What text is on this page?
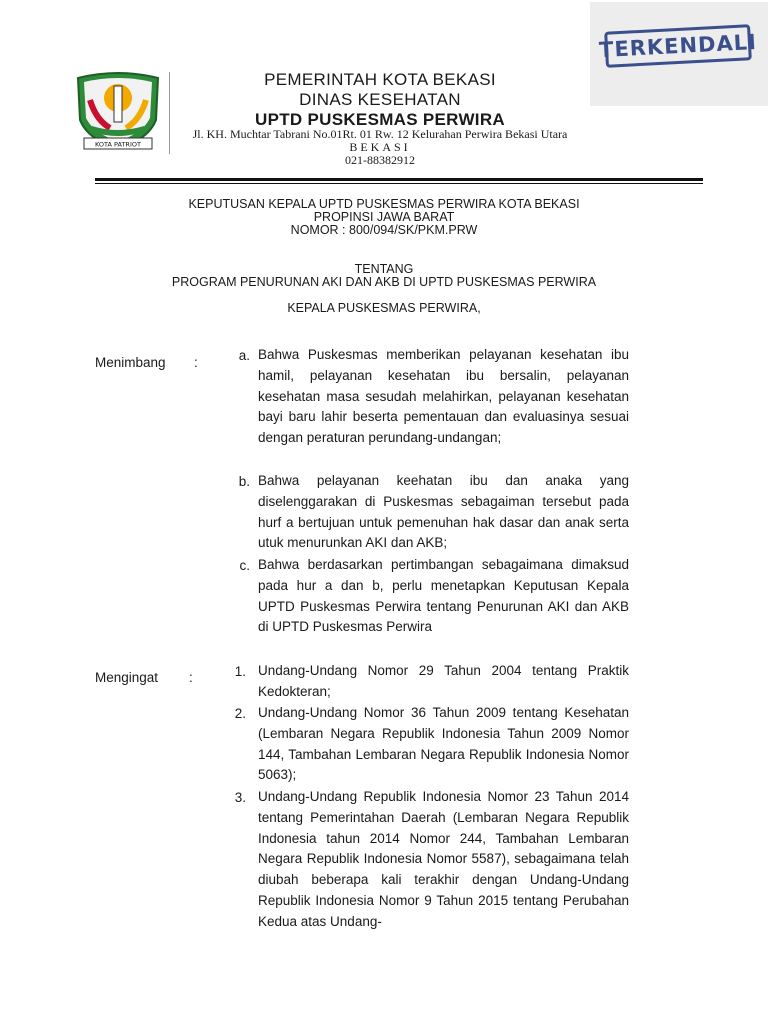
TERKENDALI
KOTA PATRIOT
PEMERINTAH KOTA BEKASI
DINAS KESEHATAN
UPTD PUSKESMAS PERWIRA
Jl. KH. Muchtar Tabrani No.01Rt. 01 Rw. 12 Kelurahan Perwira Bekasi Utara
BEKASI
021-88382912
KEPUTUSAN KEPALA UPTD PUSKESMAS PERWIRA KOTA BEKASI
PROPINSI JAWA BARAT
NOMOR : 800/094/SK/PKM.PRW
TENTANG
PROGRAM PENURUNAN AKI DAN AKB DI UPTD PUSKESMAS PERWIRA
KEPALA PUSKESMAS PERWIRA,
Menimbang :	a. Bahwa Puskesmas memberikan pelayanan kesehatan ibu hamil, pelayanan kesehatan ibu bersalin, pelayanan kesehatan masa sesudah melahirkan, pelayanan kesehatan bayi baru lahir beserta pementauan dan evaluasinya sesuai dengan peraturan perundang-undangan;
b. Bahwa pelayanan keehatan ibu dan anaka yang diselenggarakan di Puskesmas sebagaiman tersebut pada hurf a bertujuan untuk pemenuhan hak dasar dan anak serta utuk menurunkan AKI dan AKB;
c. Bahwa berdasarkan pertimbangan sebagaimana dimaksud pada hur a dan b, perlu menetapkan Keputusan Kepala UPTD Puskesmas Perwira tentang Penurunan AKI dan AKB di UPTD Puskesmas Perwira
Mengingat :	1. Undang-Undang Nomor 29 Tahun 2004 tentang Praktik Kedokteran;
2. Undang-Undang Nomor 36 Tahun 2009 tentang Kesehatan (Lembaran Negara Republik Indonesia Tahun 2009 Nomor 144, Tambahan Lembaran Negara Republik Indonesia Nomor 5063);
3. Undang-Undang Republik Indonesia Nomor 23 Tahun 2014 tentang Pemerintahan Daerah (Lembaran Negara Republik Indonesia tahun 2014 Nomor 244, Tambahan Lembaran Negara Republik Indonesia Nomor 5587), sebagaimana telah diubah beberapa kali terakhir dengan Undang-Undang Republik Indonesia Nomor 9 Tahun 2015 tentang Perubahan Kedua atas Undang-
